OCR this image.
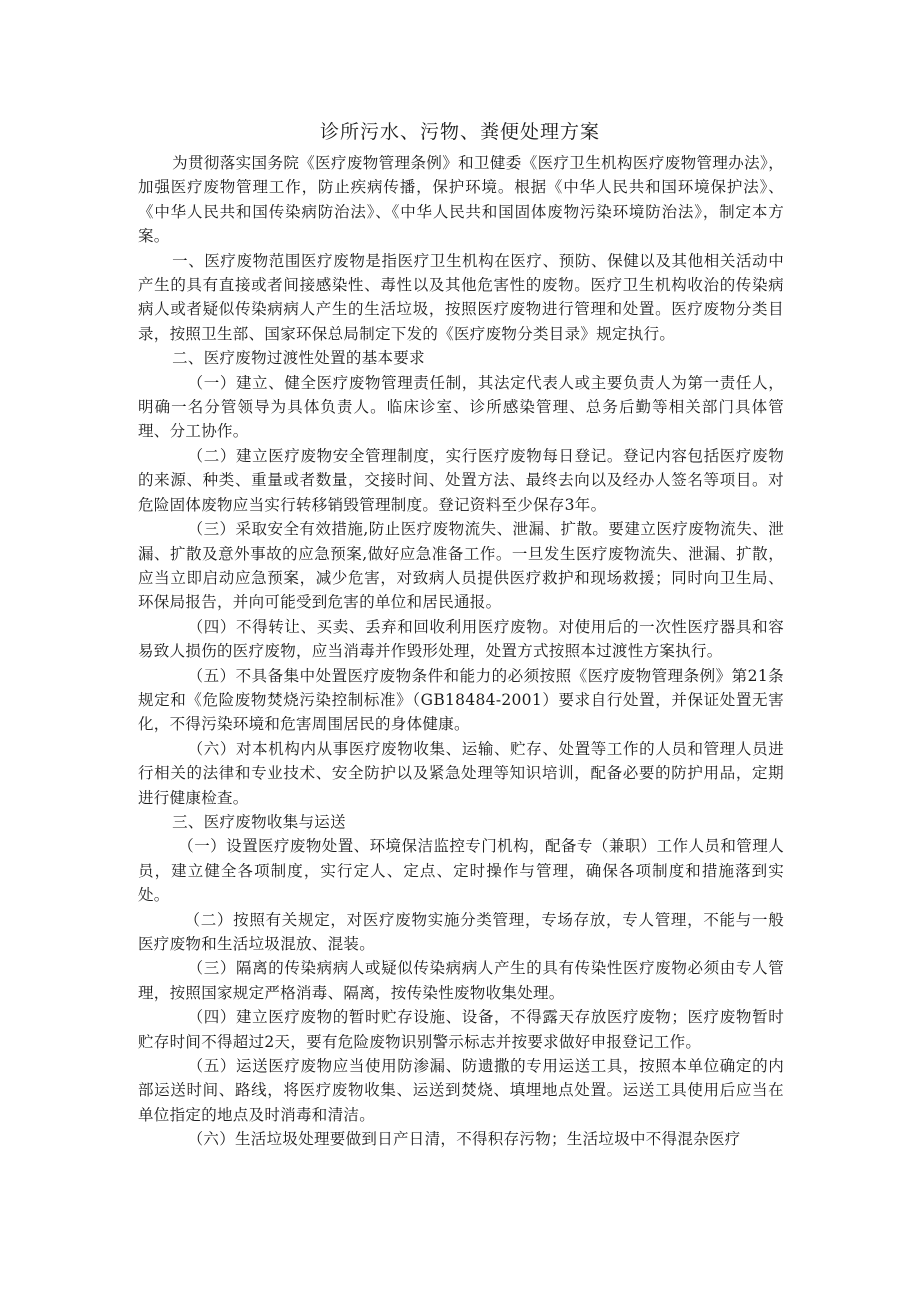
诊所污水、污物、粪便处理方案

为贯彻落实国务院《医疗废物管理条例》和卫健委《医疗卫生机构医疗废物管理办法》，加强医疗废物管理工作，防止疾病传播，保护环境。根据《中华人民共和国环境保护法》、《中华人民共和国传染病防治法》、《中华人民共和国固体废物污染环境防治法》，制定本方案。

一、医疗废物范围医疗废物是指医疗卫生机构在医疗、预防、保健以及其他相关活动中产生的具有直接或者间接感染性、毒性以及其他危害性的废物。医疗卫生机构收治的传染病病人或者疑似传染病病人产生的生活垃圾，按照医疗废物进行管理和处置。医疗废物分类目录，按照卫生部、国家环保总局制定下发的《医疗废物分类目录》规定执行。

二、医疗废物过渡性处置的基本要求

（一）建立、健全医疗废物管理责任制，其法定代表人或主要负责人为第一责任人，明确一名分管领导为具体负责人。临床诊室、诊所感染管理、总务后勤等相关部门具体管理、分工协作。

（二）建立医疗废物安全管理制度，实行医疗废物每日登记。登记内容包括医疗废物的来源、种类、重量或者数量，交接时间、处置方法、最终去向以及经办人签名等项目。对危险固体废物应当实行转移销毁管理制度。登记资料至少保存3年。

（三）采取安全有效措施,防止医疗废物流失、泄漏、扩散。要建立医疗废物流失、泄漏、扩散及意外事故的应急预案,做好应急准备工作。一旦发生医疗废物流失、泄漏、扩散，应当立即启动应急预案，减少危害，对致病人员提供医疗救护和现场救援；同时向卫生局、环保局报告，并向可能受到危害的单位和居民通报。

（四）不得转让、买卖、丢弃和回收利用医疗废物。对使用后的一次性医疗器具和容易致人损伤的医疗废物，应当消毒并作毁形处理，处置方式按照本过渡性方案执行。

（五）不具备集中处置医疗废物条件和能力的必须按照《医疗废物管理条例》第21条规定和《危险废物焚烧污染控制标准》（GB18484-2001）要求自行处置，并保证处置无害化，不得污染环境和危害周围居民的身体健康。

（六）对本机构内从事医疗废物收集、运输、贮存、处置等工作的人员和管理人员进行相关的法律和专业技术、安全防护以及紧急处理等知识培训，配备必要的防护用品，定期进行健康检查。

三、医疗废物收集与运送

（一）设置医疗废物处置、环境保洁监控专门机构，配备专（兼职）工作人员和管理人员，建立健全各项制度，实行定人、定点、定时操作与管理，确保各项制度和措施落到实处。

（二）按照有关规定，对医疗废物实施分类管理，专场存放，专人管理，不能与一般医疗废物和生活垃圾混放、混装。

（三）隔离的传染病病人或疑似传染病病人产生的具有传染性医疗废物必须由专人管理，按照国家规定严格消毒、隔离，按传染性废物收集处理。

（四）建立医疗废物的暂时贮存设施、设备，不得露天存放医疗废物；医疗废物暂时贮存时间不得超过2天，要有危险废物识别警示标志并按要求做好申报登记工作。

（五）运送医疗废物应当使用防渗漏、防遗撒的专用运送工具，按照本单位确定的内部运送时间、路线，将医疗废物收集、运送到焚烧、填埋地点处置。运送工具使用后应当在单位指定的地点及时消毒和清洁。

（六）生活垃圾处理要做到日产日清，不得积存污物；生活垃圾中不得混杂医疗
